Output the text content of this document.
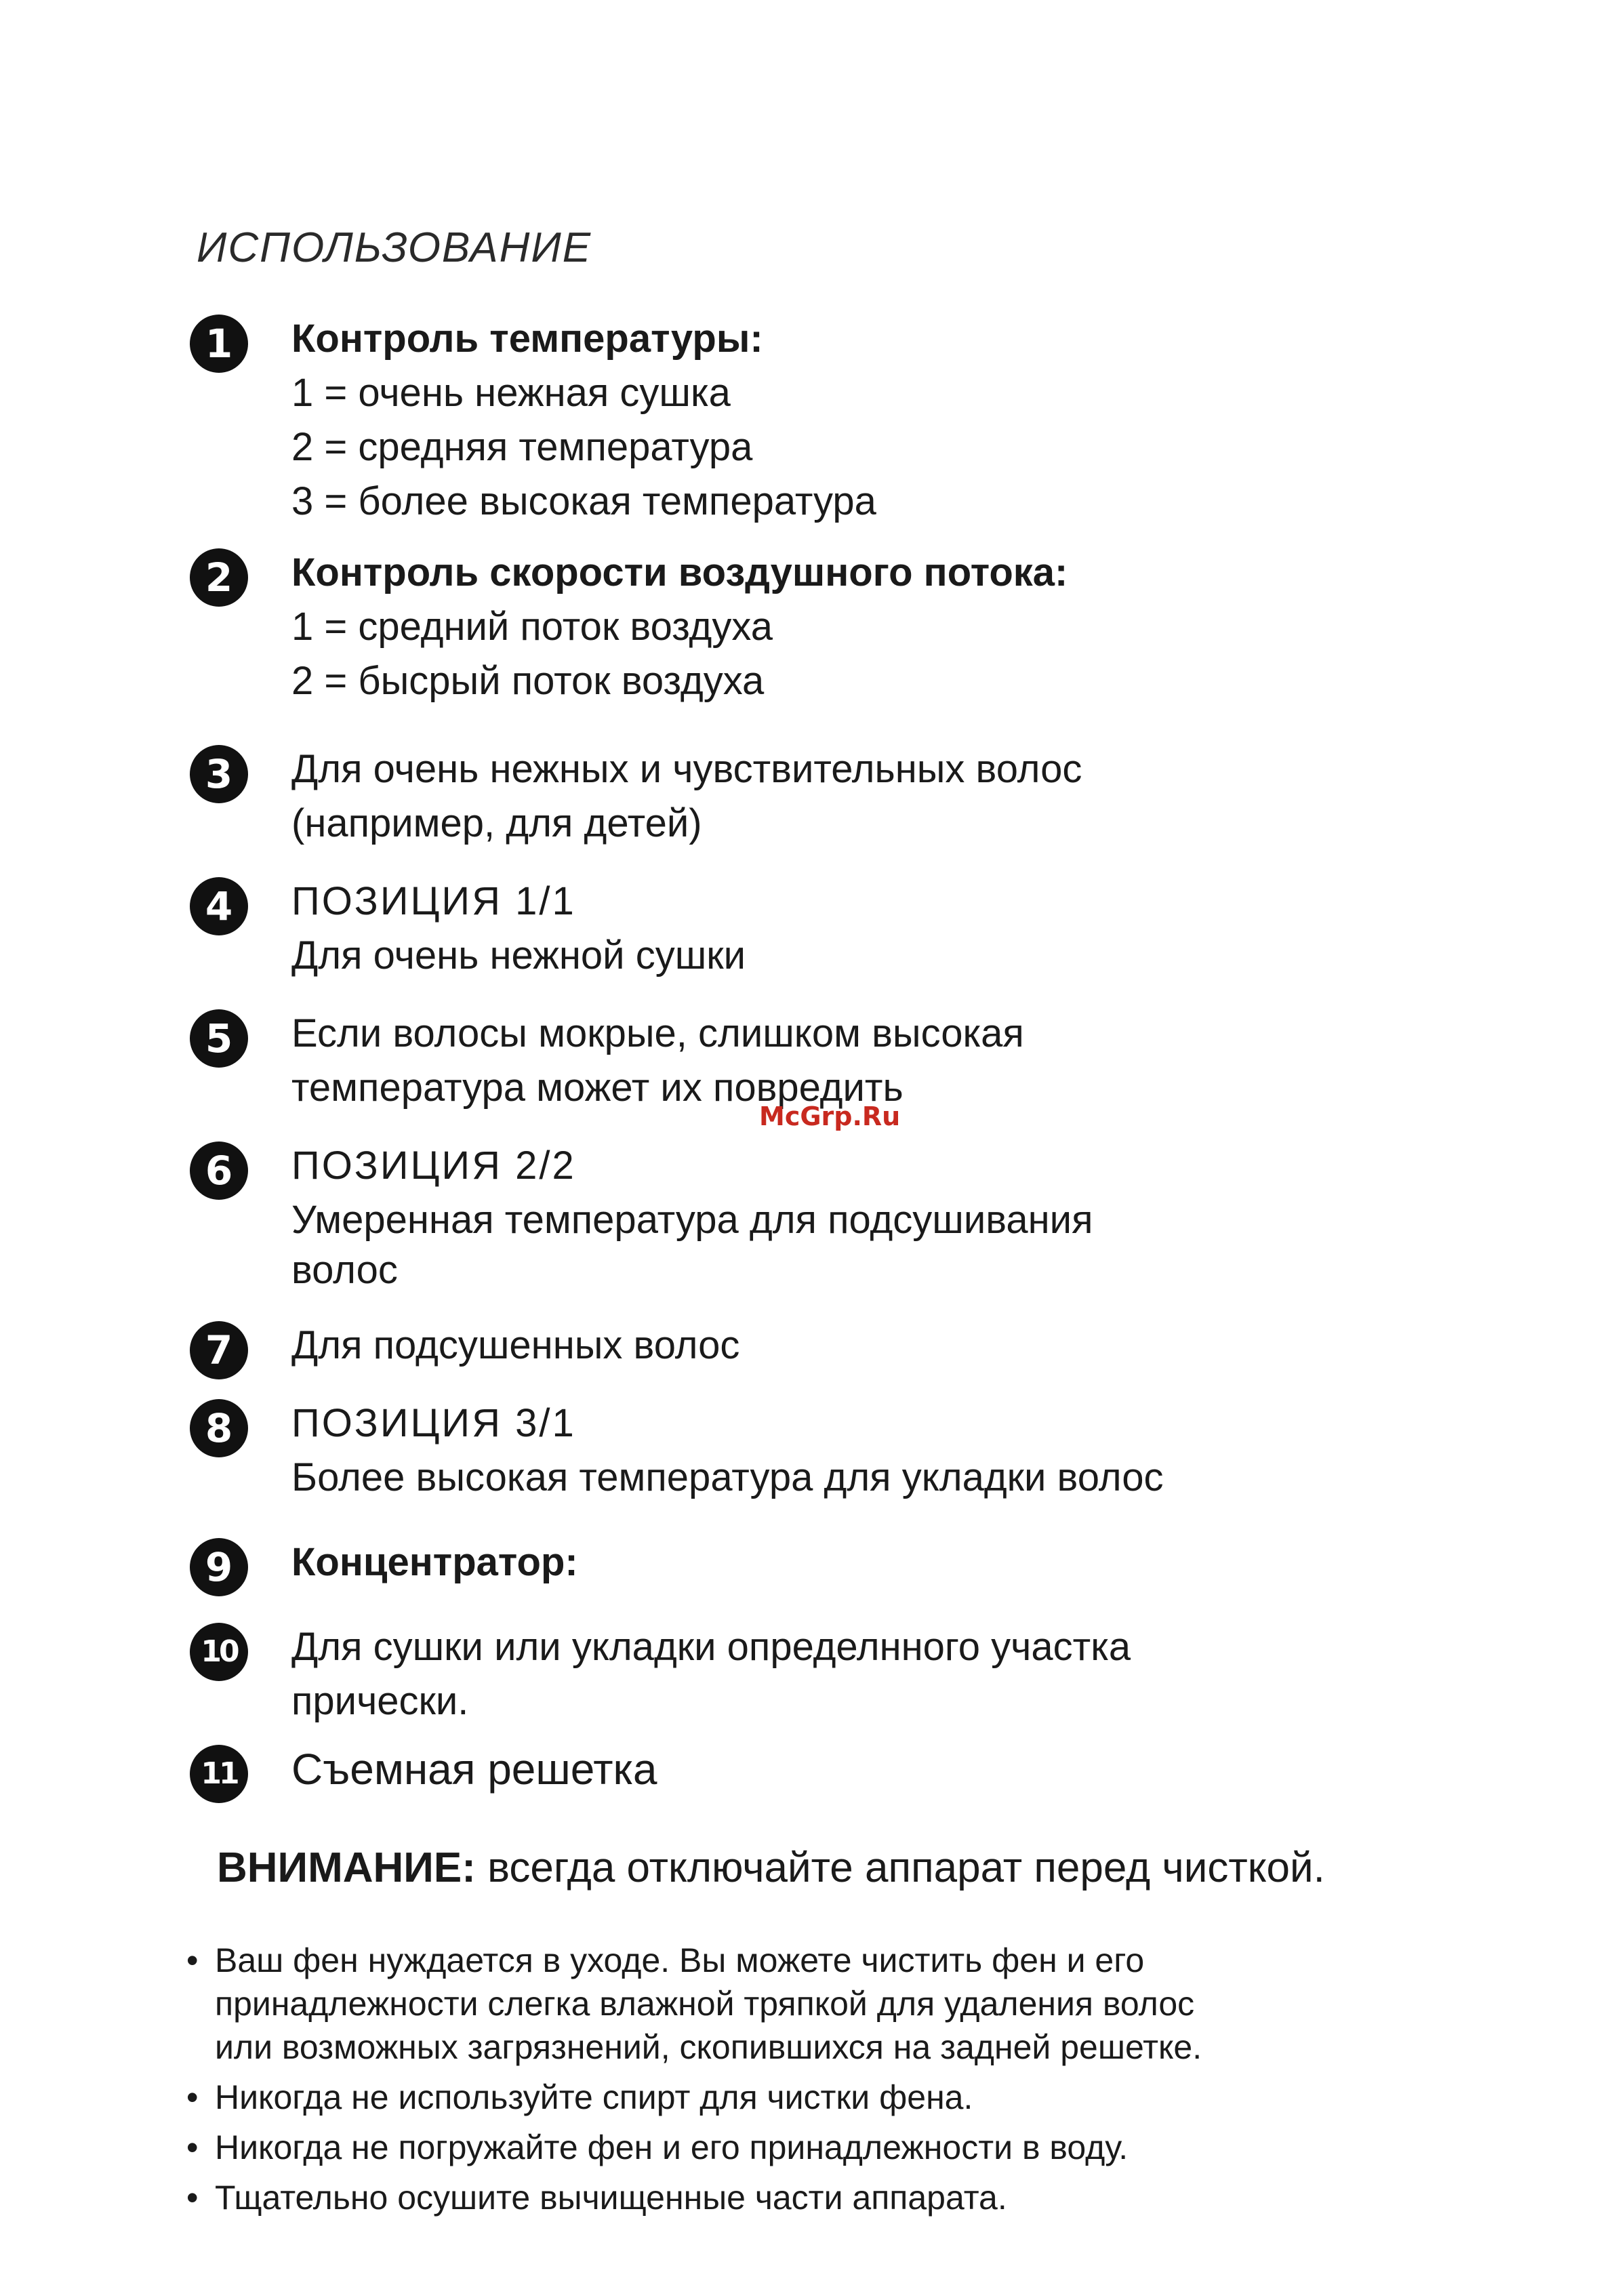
ИСПОЛЬЗОВАНИЕ
1	Контроль температуры:
1 = очень нежная сушка
2 = средняя температура
3 = более высокая температура
2	Контроль скорости воздушного потока:
1 = средний поток воздуха
2 = бысрый поток воздуха
3	Для очень нежных и чувствительных волос
(например, для детей)
4	ПОЗИЦИЯ 1/1
Для очень нежной сушки
5	Если волосы мокрые, слишком высокая
температура может их повредить
6	ПОЗИЦИЯ 2/2
Умеренная температура для подсушивания
волос
7	Для подсушенных волос
8	ПОЗИЦИЯ 3/1
Более высокая температура для укладки волос
9	Концентратор:
10 Для сушки или укладки определнного участка
прически.
11 Съемная решетка
McGrp.Ru
ВНИМАНИЕ: всегда отключайте аппарат перед чисткой.
• Ваш фен нуждается в уходе. Вы можете чистить фен и его
принадлежности слегка влажной тряпкой для удаления волос
или возможных загрязнений, скопившихся на задней решетке.
• Никогда не используйте спирт для чистки фена.
• Никогда не погружайте фен и его принадлежности в воду.
• Тщательно осушите вычищенные части аппарата.
